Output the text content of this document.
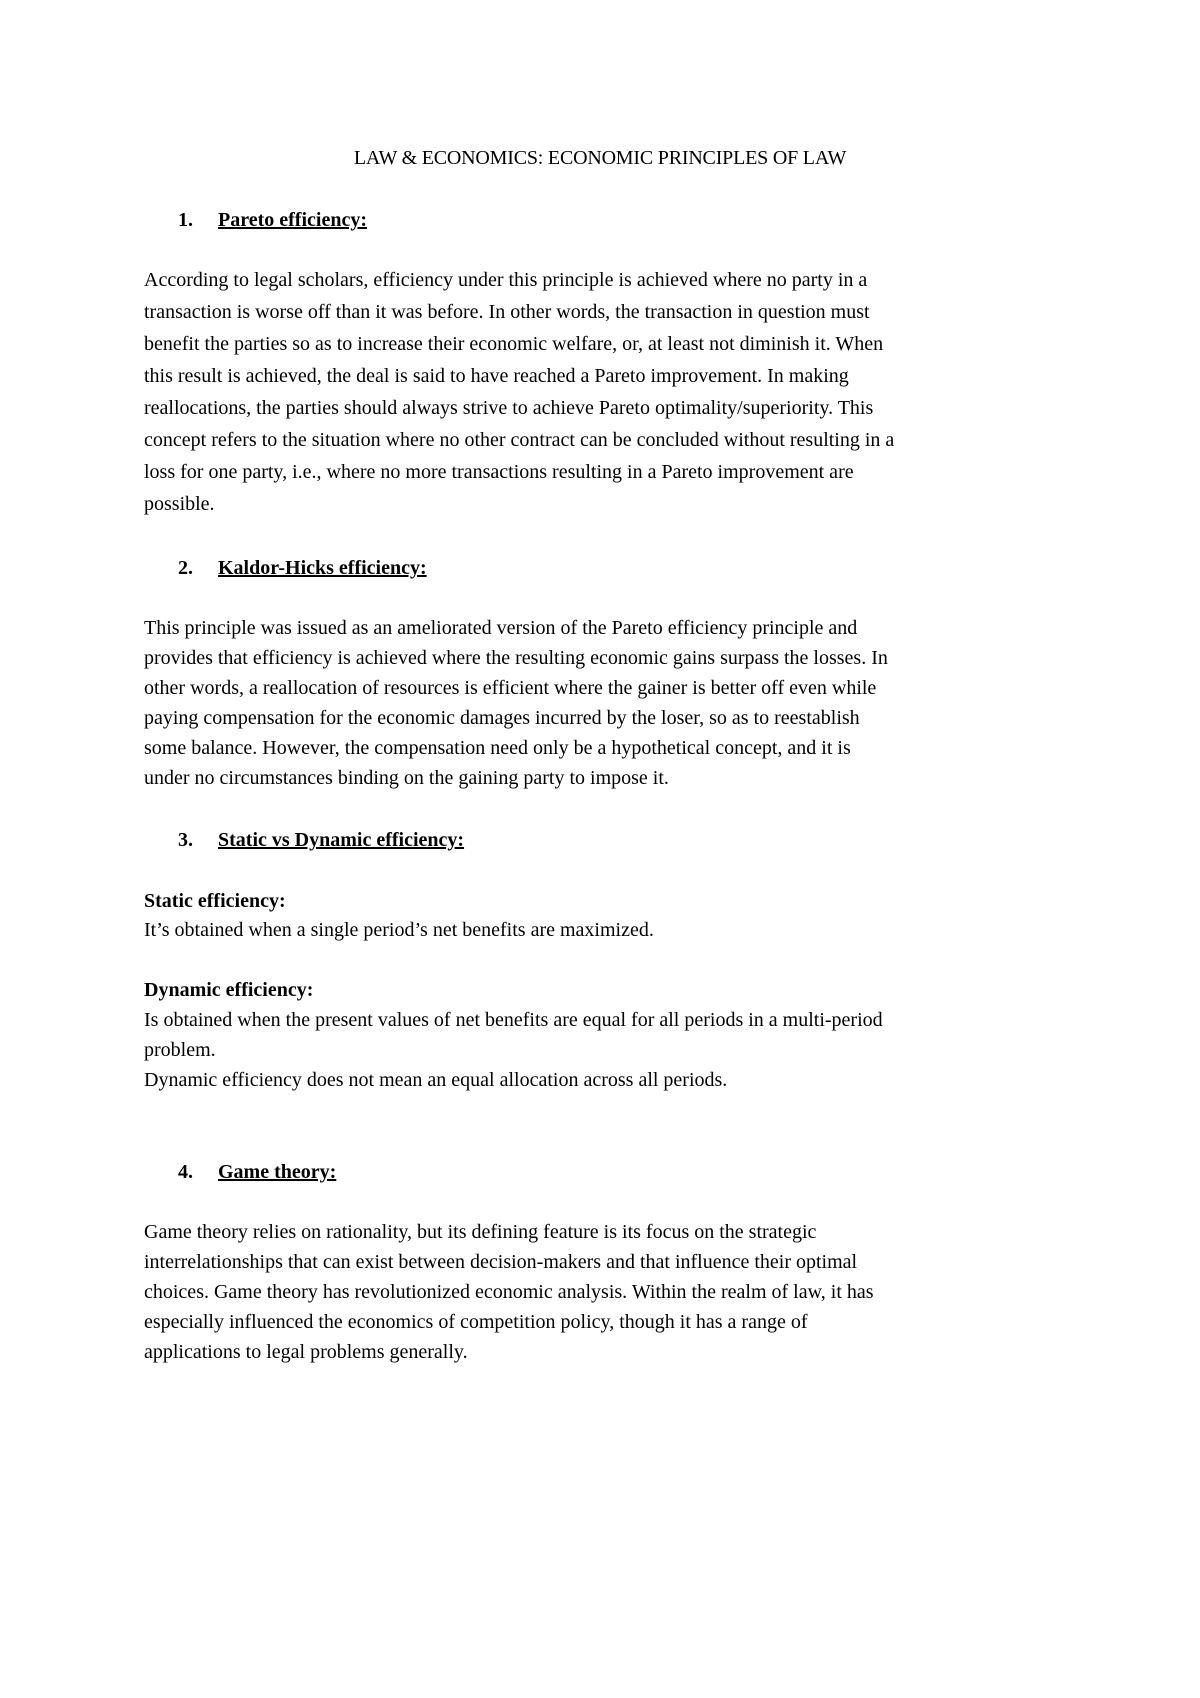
LAW & ECONOMICS: ECONOMIC PRINCIPLES OF LAW
1. Pareto efficiency:
According to legal scholars, efficiency under this principle is achieved where no party in a
transaction is worse off than it was before. In other words, the transaction in question must
benefit the parties so as to increase their economic welfare, or, at least not diminish it. When
this result is achieved, the deal is said to have reached a Pareto improvement. In making
reallocations, the parties should always strive to achieve Pareto optimality/superiority. This
concept refers to the situation where no other contract can be concluded without resulting in a
loss for one party, i.e., where no more transactions resulting in a Pareto improvement are
possible.
2. Kaldor-Hicks efficiency:
This principle was issued as an ameliorated version of the Pareto efficiency principle and
provides that efficiency is achieved where the resulting economic gains surpass the losses. In
other words, a reallocation of resources is efficient where the gainer is better off even while
paying compensation for the economic damages incurred by the loser, so as to reestablish
some balance. However, the compensation need only be a hypothetical concept, and it is
under no circumstances binding on the gaining party to impose it.
3. Static vs Dynamic efficiency:
Static efficiency:
It’s obtained when a single period’s net benefits are maximized.
Dynamic efficiency:
Is obtained when the present values of net benefits are equal for all periods in a multi-period
problem.
Dynamic efficiency does not mean an equal allocation across all periods.
4. Game theory:
Game theory relies on rationality, but its defining feature is its focus on the strategic
interrelationships that can exist between decision-makers and that influence their optimal
choices. Game theory has revolutionized economic analysis. Within the realm of law, it has
especially influenced the economics of competition policy, though it has a range of
applications to legal problems generally.
